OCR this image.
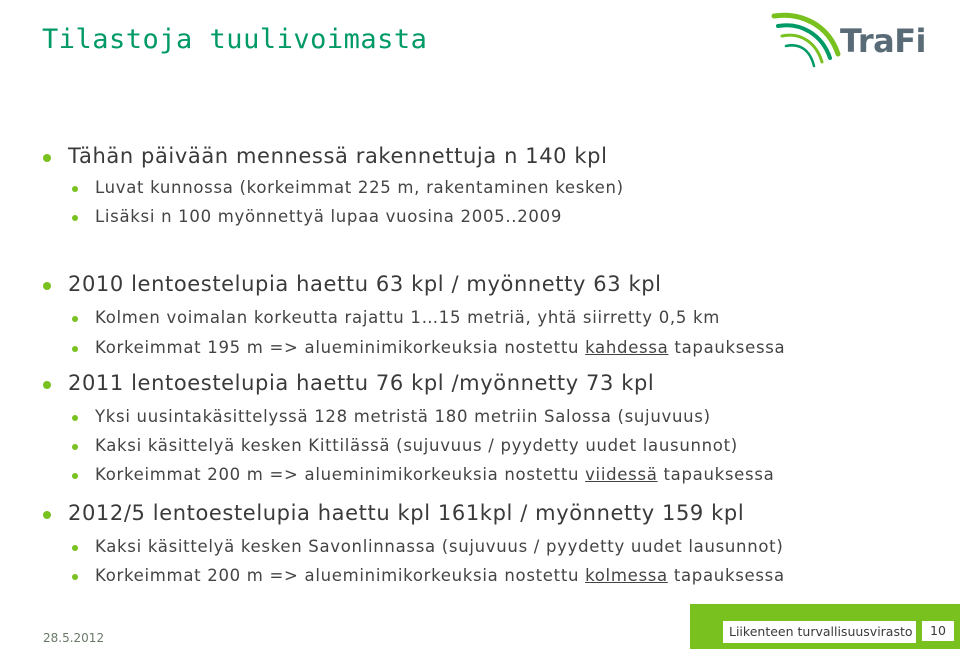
Tilastoja tuulivoimasta	TraFi
Tähän päivään mennessä rakennettuja n 140 kpl
Luvat kunnossa (korkeimmat 225 m, rakentaminen kesken)
Lisäksi n 100 myönnettyä lupaa vuosina 2005..2009
2010 lentoestelupia haettu 63 kpl / myönnetty 63 kpl
Kolmen voimalan korkeutta rajattu 1…15 metriä, yhtä siirretty 0,5 km
Korkeimmat 195 m => alueminimikorkeuksia nostettu kahdessa tapauksessa
2011 lentoestelupia haettu 76 kpl /myönnetty 73 kpl
Yksi uusintakäsittelyssä 128 metristä 180 metriin Salossa (sujuvuus)
Kaksi käsittelyä kesken Kittilässä (sujuvuus / pyydetty uudet lausunnot)
Korkeimmat 200 m => alueminimikorkeuksia nostettu viidessä tapauksessa
2012/5 lentoestelupia haettu kpl 161kpl / myönnetty 159 kpl
Kaksi käsittelyä kesken Savonlinnassa (sujuvuus / pyydetty uudet lausunnot)
Korkeimmat 200 m => alueminimikorkeuksia nostettu kolmessa tapauksessa
28.5.2012	Liikenteen turvallisuusvirasto	10
